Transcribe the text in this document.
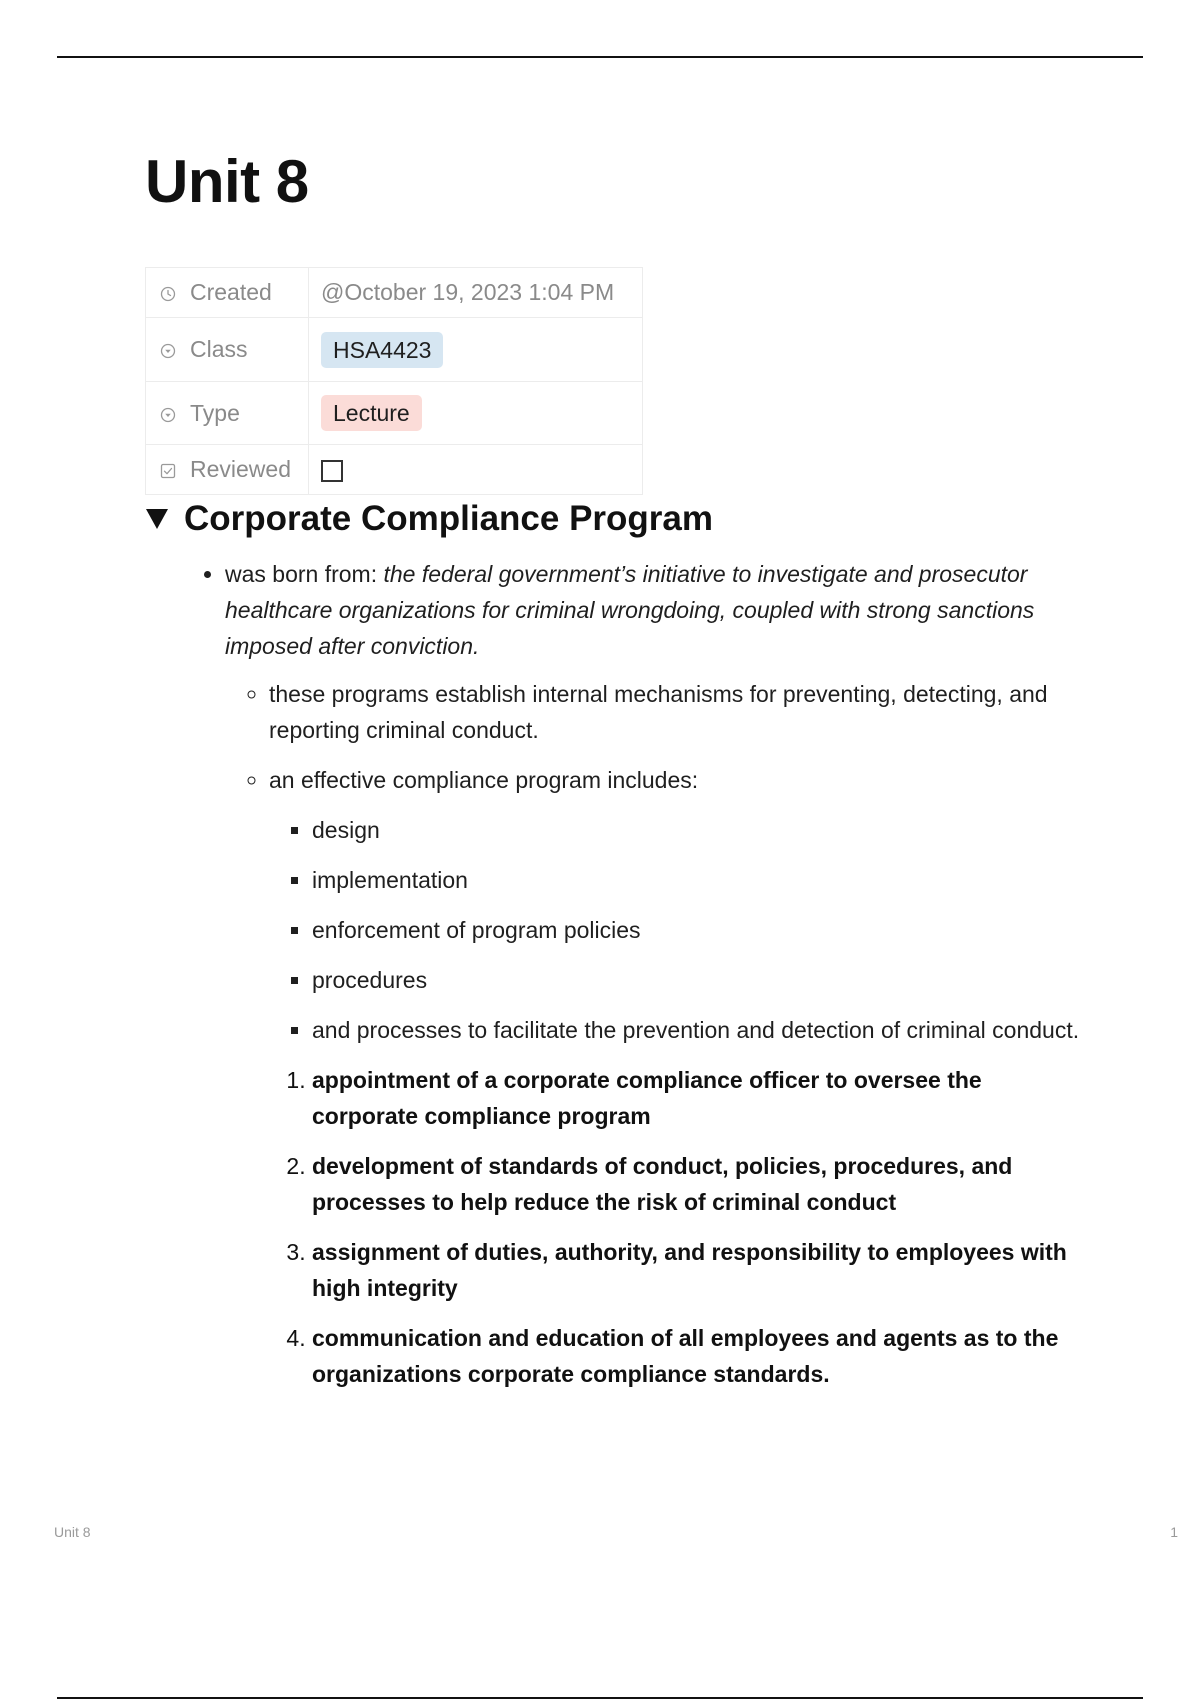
Unit 8
Created	@October 19, 2023 1:04 PM
Class	HSA4423
Type	Lecture
Reviewed	
Corporate Compliance Program
• was born from: the federal government’s initiative to investigate and prosecutor healthcare organizations for criminal wrongdoing, coupled with strong sanctions imposed after conviction.
◦ these programs establish internal mechanisms for preventing, detecting, and reporting criminal conduct.
◦ an effective compliance program includes:
▪ design
▪ implementation
▪ enforcement of program policies
▪ procedures
▪ and processes to facilitate the prevention and detection of criminal conduct.
1. appointment of a corporate compliance officer to oversee the corporate compliance program
2. development of standards of conduct, policies, procedures, and processes to help reduce the risk of criminal conduct
3. assignment of duties, authority, and responsibility to employees with high integrity
4. communication and education of all employees and agents as to the organizations corporate compliance standards.
Unit 8	1
